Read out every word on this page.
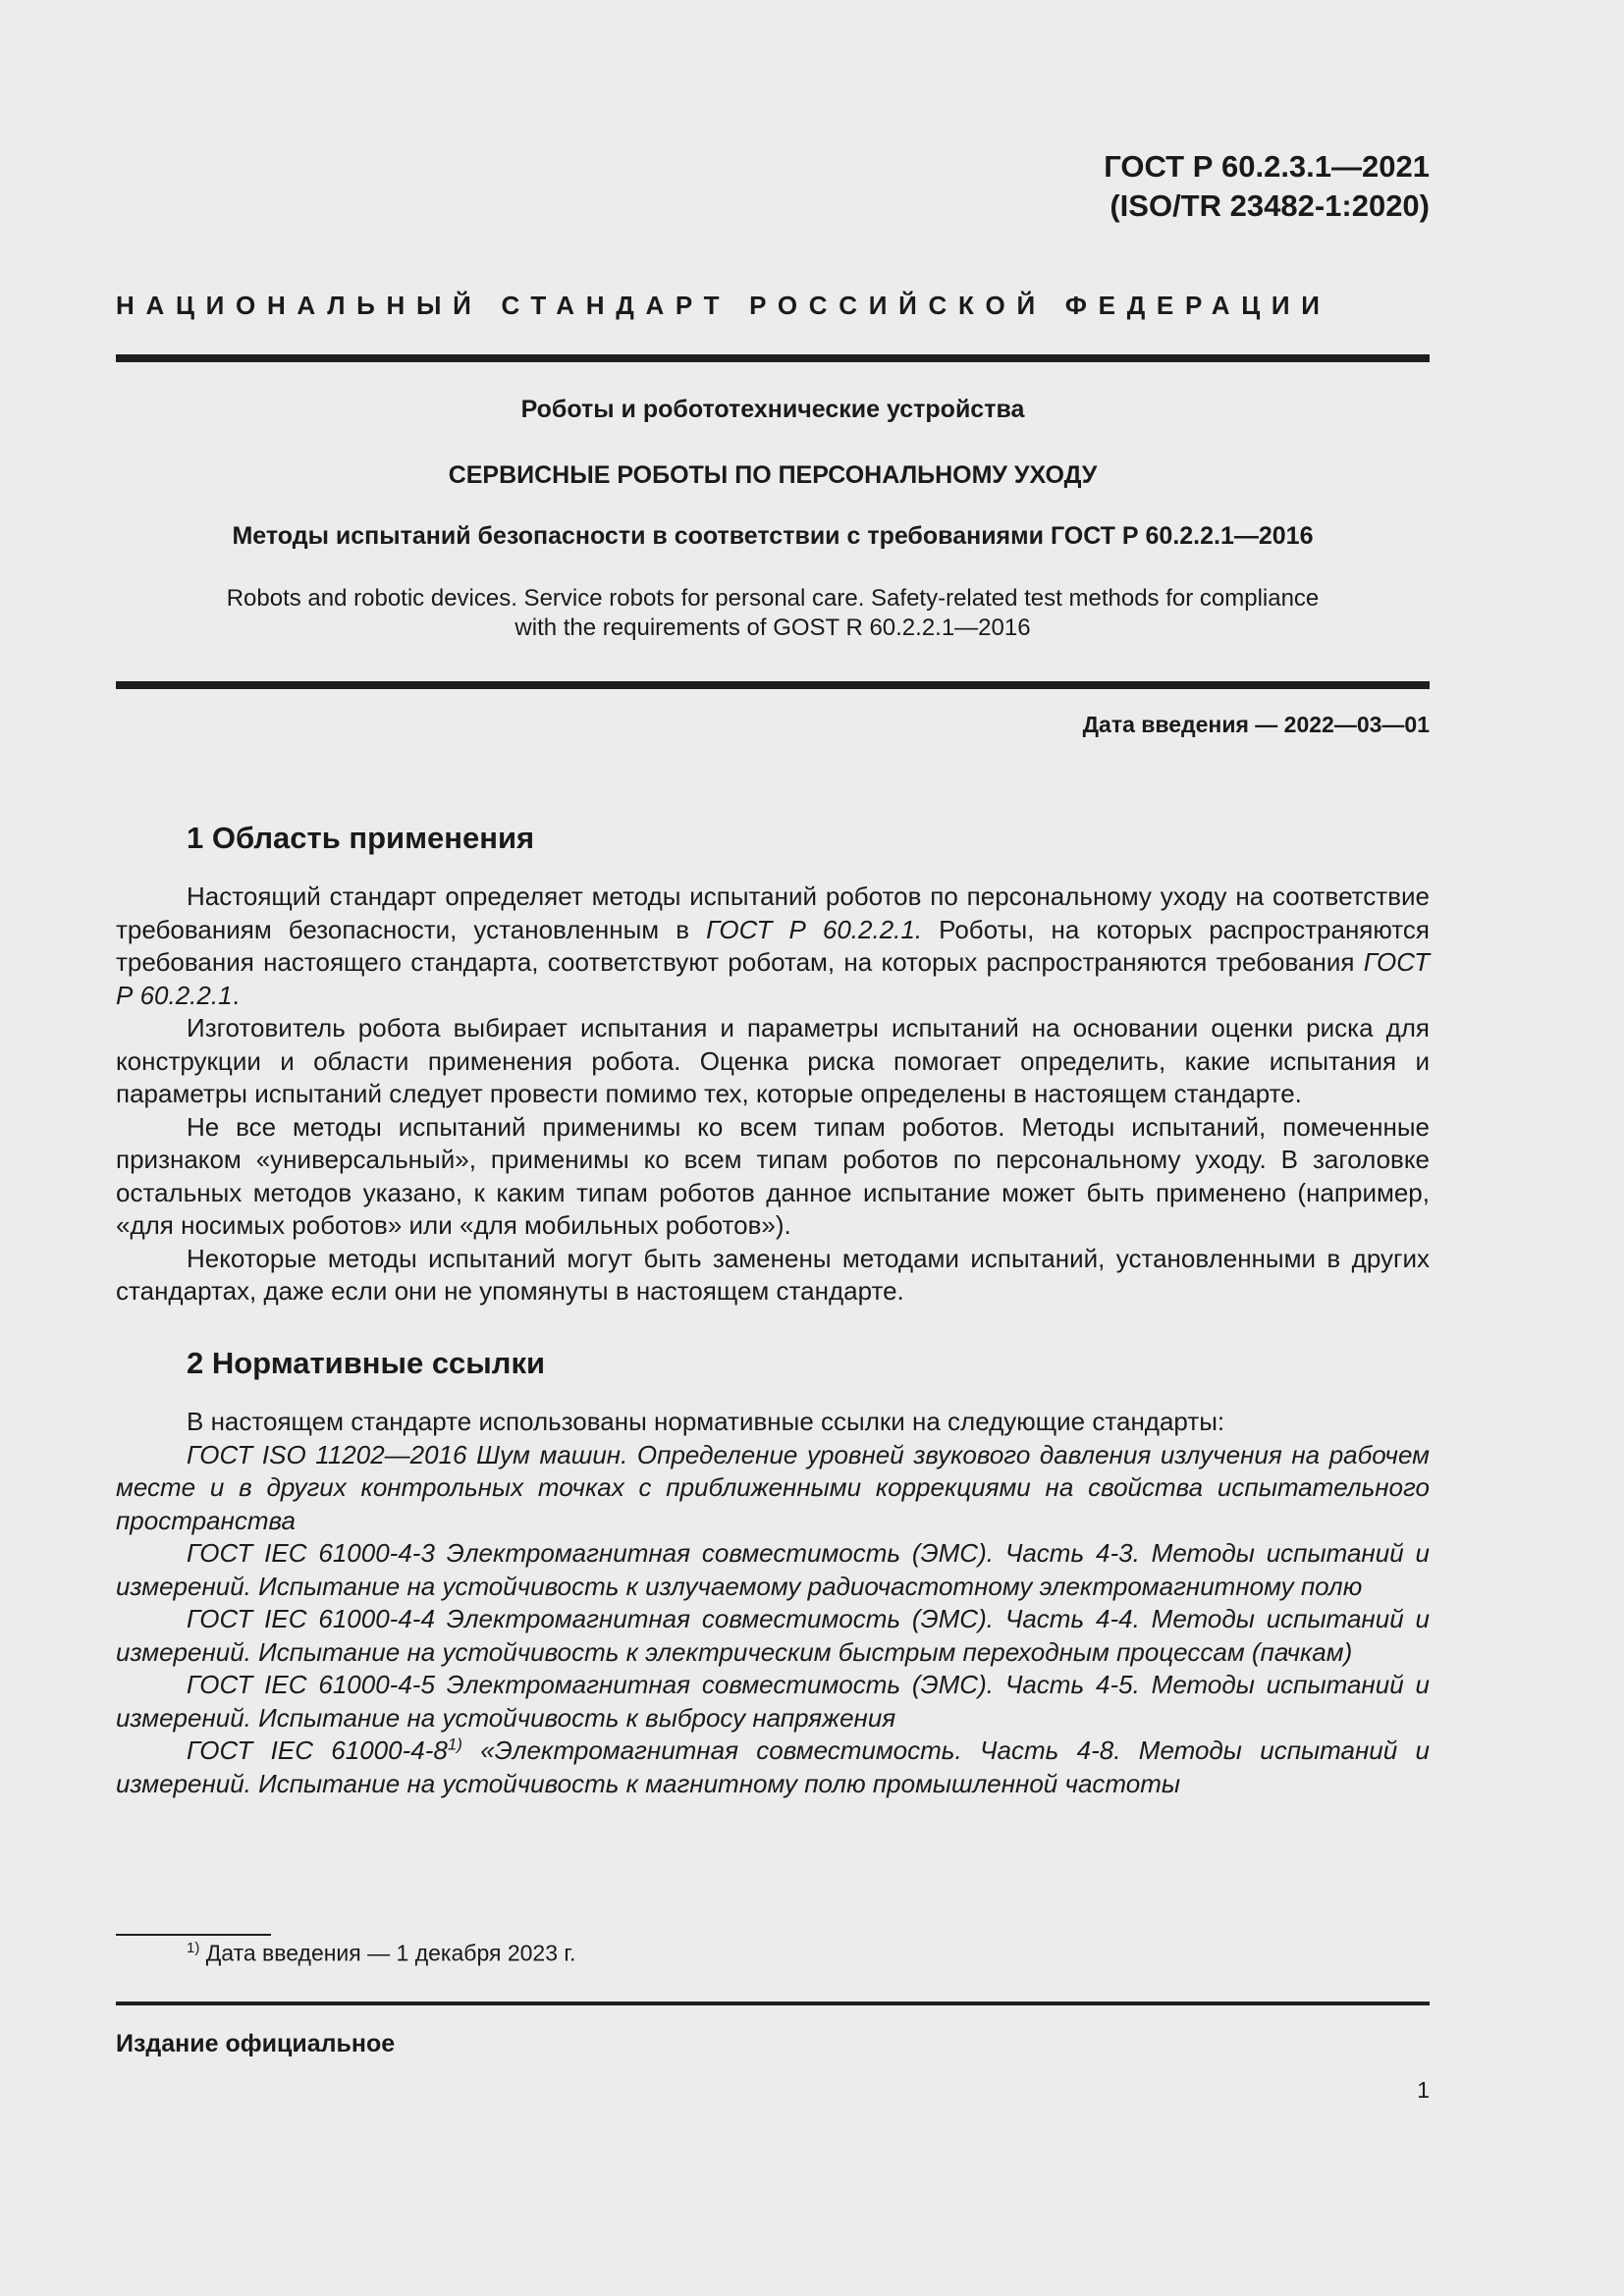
ГОСТ Р 60.2.3.1—2021
(ISO/TR 23482-1:2020)
НАЦИОНАЛЬНЫЙ СТАНДАРТ РОССИЙСКОЙ ФЕДЕРАЦИИ
Роботы и робототехнические устройства
СЕРВИСНЫЕ РОБОТЫ ПО ПЕРСОНАЛЬНОМУ УХОДУ
Методы испытаний безопасности в соответствии с требованиями ГОСТ Р 60.2.2.1—2016
Robots and robotic devices. Service robots for personal care. Safety-related test methods for compliance
with the requirements of GOST R 60.2.2.1—2016
Дата введения — 2022—03—01
1 Область применения

Настоящий стандарт определяет методы испытаний роботов по персональному уходу на соответствие требованиям безопасности, установленным в ГОСТ Р 60.2.2.1. Роботы, на которых распространяются требования настоящего стандарта, соответствуют роботам, на которых распространяются требования ГОСТ Р 60.2.2.1.

Изготовитель робота выбирает испытания и параметры испытаний на основании оценки риска для конструкции и области применения робота. Оценка риска помогает определить, какие испытания и параметры испытаний следует провести помимо тех, которые определены в настоящем стандарте.

Не все методы испытаний применимы ко всем типам роботов. Методы испытаний, помеченные признаком «универсальный», применимы ко всем типам роботов по персональному уходу. В заголовке остальных методов указано, к каким типам роботов данное испытание может быть применено (например, «для носимых роботов» или «для мобильных роботов»).

Некоторые методы испытаний могут быть заменены методами испытаний, установленными в других стандартах, даже если они не упомянуты в настоящем стандарте.

2 Нормативные ссылки

В настоящем стандарте использованы нормативные ссылки на следующие стандарты:

ГОСТ ISO 11202—2016 Шум машин. Определение уровней звукового давления излучения на рабочем месте и в других контрольных точках с приближенными коррекциями на свойства испытательного пространства

ГОСТ IEC 61000-4-3 Электромагнитная совместимость (ЭМС). Часть 4-3. Методы испытаний и измерений. Испытание на устойчивость к излучаемому радиочастотному электромагнитному полю

ГОСТ IEC 61000-4-4 Электромагнитная совместимость (ЭМС). Часть 4-4. Методы испытаний и измерений. Испытание на устойчивость к электрическим быстрым переходным процессам (пачкам)

ГОСТ IEC 61000-4-5 Электромагнитная совместимость (ЭМС). Часть 4-5. Методы испытаний и измерений. Испытание на устойчивость к выбросу напряжения

ГОСТ IEC 61000-4-8$^{1)}$ «Электромагнитная совместимость. Часть 4-8. Методы испытаний и измерений. Испытание на устойчивость к магнитному полю промышленной частоты

$^{1)}$ Дата введения — 1 декабря 2023 г.
Издание официальное
1
